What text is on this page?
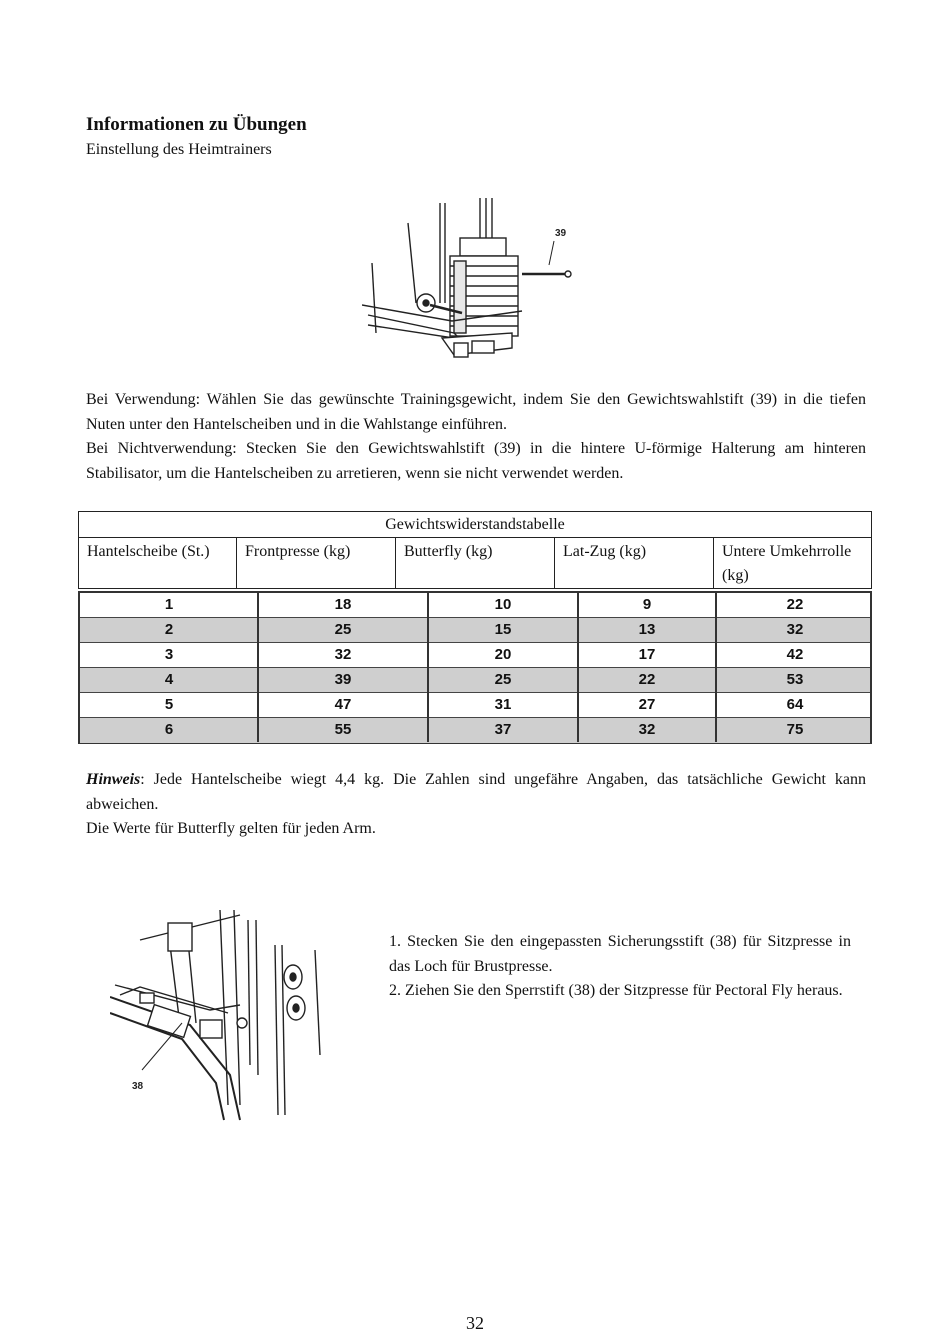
Informationen zu Übungen
Einstellung des Heimtrainers
39
Bei Verwendung: Wählen Sie das gewünschte Trainingsgewicht, indem Sie den Gewichtswahlstift (39) in die tiefen Nuten unter den Hantelscheiben und in die Wahlstange einführen.
Bei Nichtverwendung: Stecken Sie den Gewichtswahlstift (39) in die hintere U-förmige Halterung am hinteren Stabilisator, um die Hantelscheiben zu arretieren, wenn sie nicht verwendet werden.
Gewichtswiderstandstabelle
Hantelscheibe (St.)	Frontpresse (kg)	Butterfly (kg)	Lat-Zug (kg)	Untere Umkehrrolle (kg)
1	18	10	9	22
2	25	15	13	32
3	32	20	17	42
4	39	25	22	53
5	47	31	27	64
6	55	37	32	75
Hinweis: Jede Hantelscheibe wiegt 4,4 kg. Die Zahlen sind ungefähre Angaben, das tatsächliche Gewicht kann abweichen.
Die Werte für Butterfly gelten für jeden Arm.
38
1. Stecken Sie den eingepassten Sicherungsstift (38) für Sitzpresse in das Loch für Brustpresse.
2. Ziehen Sie den Sperrstift (38) der Sitzpresse für Pectoral Fly heraus.
32
